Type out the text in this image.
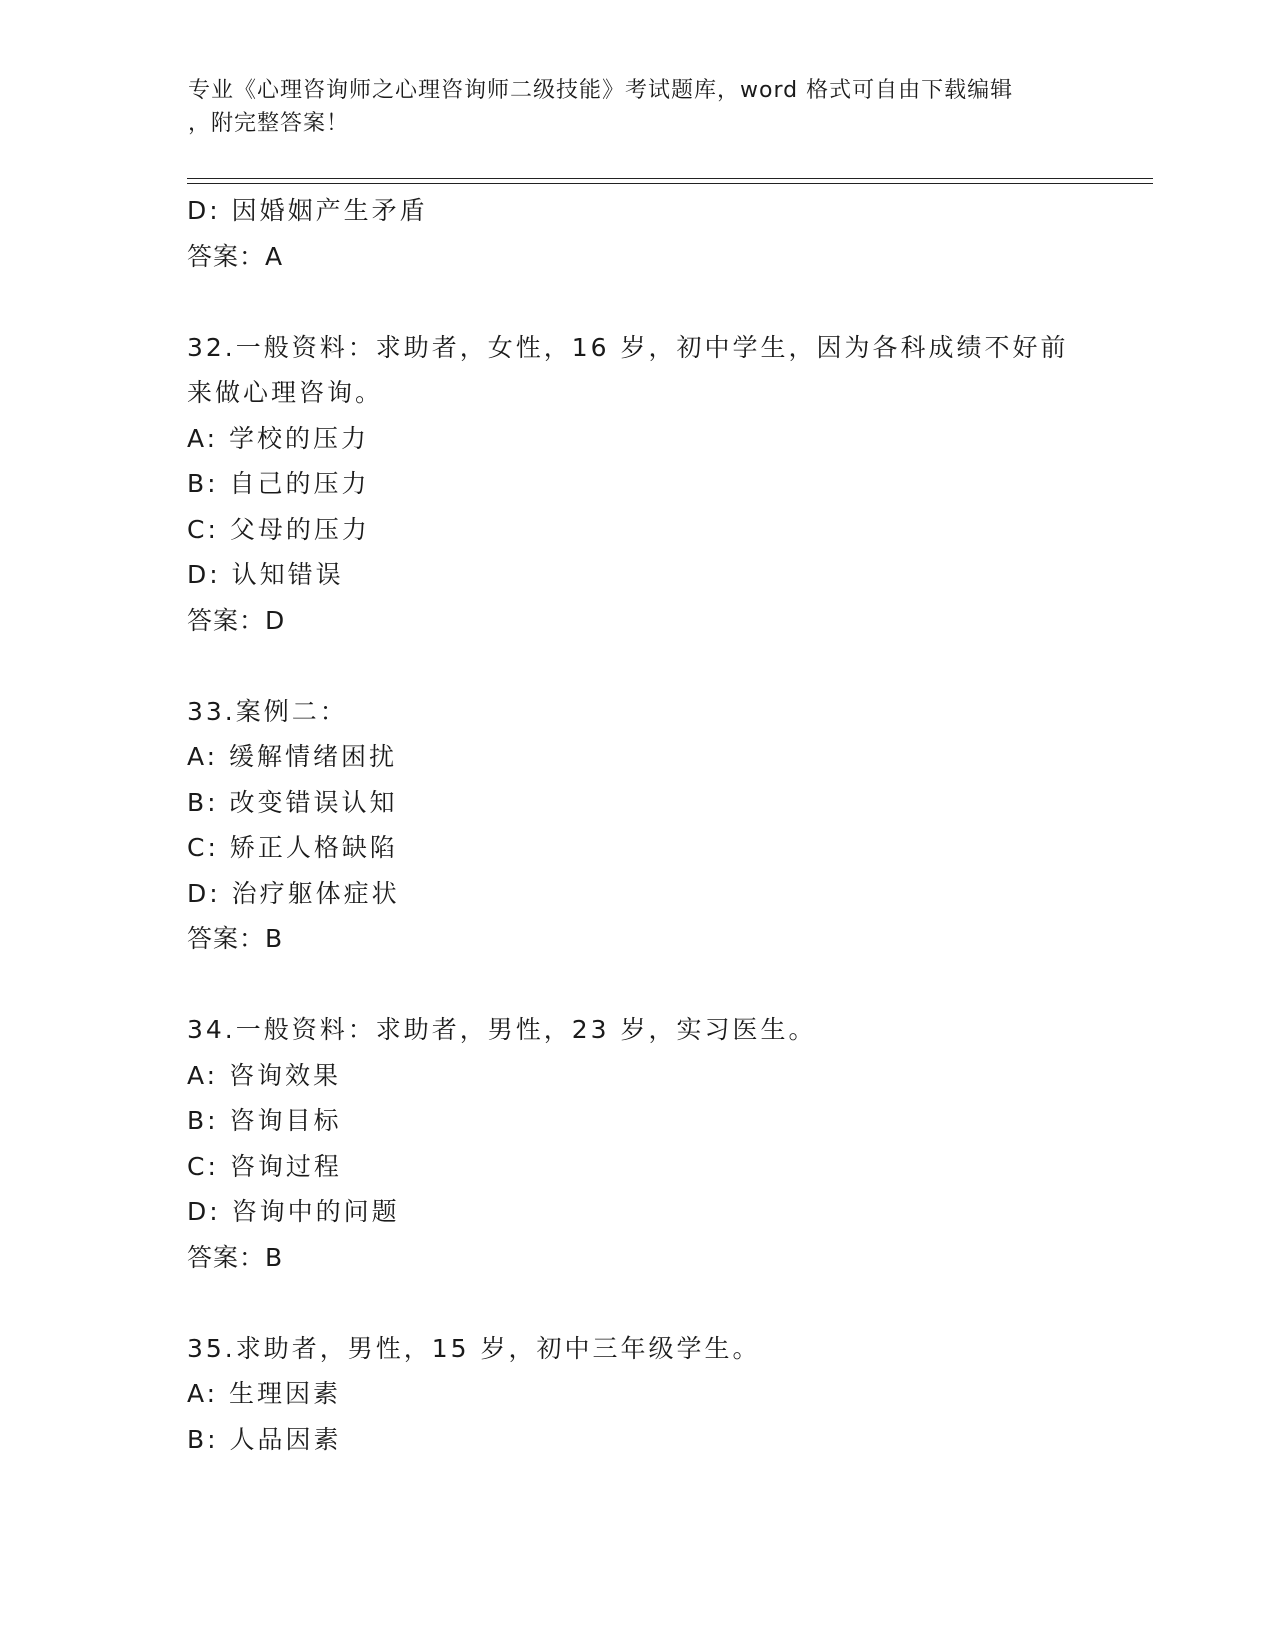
专业《心理咨询师之心理咨询师二级技能》考试题库，word 格式可自由下载编辑
，附完整答案！
D: 因婚姻产生矛盾
答案：A
32.一般资料：求助者，女性，16 岁，初中学生，因为各科成绩不好前
来做心理咨询。
A: 学校的压力
B: 自己的压力
C: 父母的压力
D: 认知错误
答案：D
33.案例二：
A: 缓解情绪困扰
B: 改变错误认知
C: 矫正人格缺陷
D: 治疗躯体症状
答案：B
34.一般资料：求助者，男性，23 岁，实习医生。
A: 咨询效果
B: 咨询目标
C: 咨询过程
D: 咨询中的问题
答案：B
35.求助者，男性，15 岁，初中三年级学生。
A: 生理因素
B: 人品因素
